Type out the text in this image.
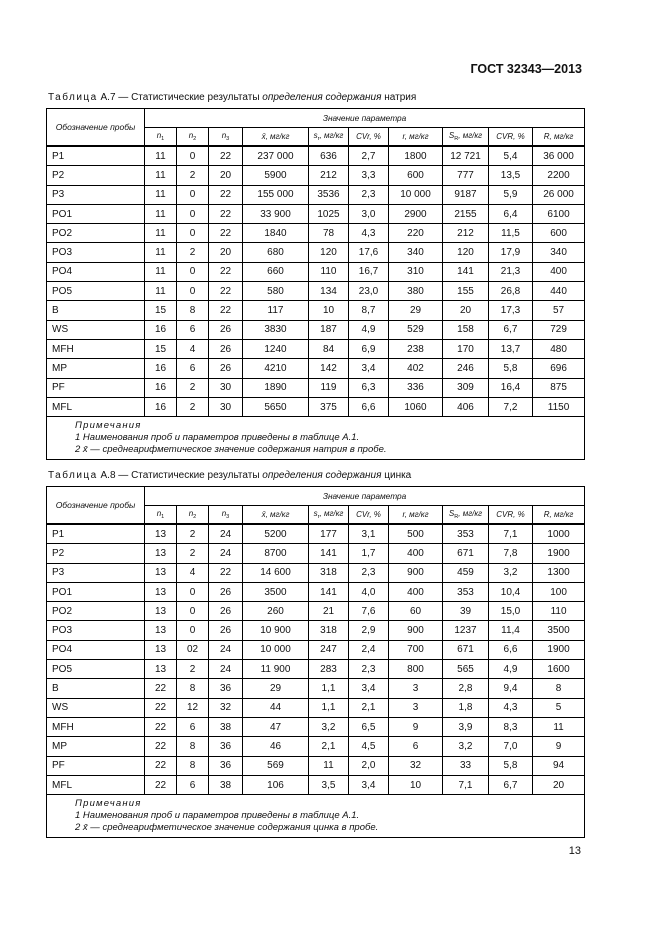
ГОСТ 32343—2013
Таблица А.7 — Статистические результаты определения содержания натрия
Обозначение пробы	Значение параметра									
	$n_1$	$n_2$	$n_3$	x̄, мг/кг	$s_r$, мг/кг	CVr, %	r, мг/кг	$S_R$, мг/кг	CVR, %	R, мг/кг
P1	11	0	22	237 000	636	2,7	1800	12 721	5,4	36 000
P2	11	2	20	5900	212	3,3	600	777	13,5	2200
P3	11	0	22	155 000	3536	2,3	10 000	9187	5,9	26 000
PO1	11	0	22	33 900	1025	3,0	2900	2155	6,4	6100
PO2	11	0	22	1840	78	4,3	220	212	11,5	600
PO3	11	2	20	680	120	17,6	340	120	17,9	340
PO4	11	0	22	660	110	16,7	310	141	21,3	400
PO5	11	0	22	580	134	23,0	380	155	26,8	440
B	15	8	22	117	10	8,7	29	20	17,3	57
WS	16	6	26	3830	187	4,9	529	158	6,7	729
MFH	15	4	26	1240	84	6,9	238	170	13,7	480
MP	16	6	26	4210	142	3,4	402	246	5,8	696
PF	16	2	30	1890	119	6,3	336	309	16,4	875
MFL	16	2	30	5650	375	6,6	1060	406	7,2	1150

Примечания
1 Наименования проб и параметров приведены в таблице А.1.
2 x̄ — среднеарифметическое значение содержания натрия в пробе.										
Таблица А.8 — Статистические результаты определения содержания цинка
Обозначение пробы	Значение параметра									
	$n_1$	$n_2$	$n_3$	x̄, мг/кг	$s_r$, мг/кг	CVr, %	r, мг/кг	$S_R$, мг/кг	CVR, %	R, мг/кг
P1	13	2	24	5200	177	3,1	500	353	7,1	1000
P2	13	2	24	8700	141	1,7	400	671	7,8	1900
P3	13	4	22	14 600	318	2,3	900	459	3,2	1300
PO1	13	0	26	3500	141	4,0	400	353	10,4	100
PO2	13	0	26	260	21	7,6	60	39	15,0	110
PO3	13	0	26	10 900	318	2,9	900	1237	11,4	3500
PO4	13	02	24	10 000	247	2,4	700	671	6,6	1900
PO5	13	2	24	11 900	283	2,3	800	565	4,9	1600
B	22	8	36	29	1,1	3,4	3	2,8	9,4	8
WS	22	12	32	44	1,1	2,1	3	1,8	4,3	5
MFH	22	6	38	47	3,2	6,5	9	3,9	8,3	11
MP	22	8	36	46	2,1	4,5	6	3,2	7,0	9
PF	22	8	36	569	11	2,0	32	33	5,8	94
MFL	22	6	38	106	3,5	3,4	10	7,1	6,7	20

Примечания
1 Наименования проб и параметров приведены в таблице А.1.
2 x̄ — среднеарифметическое значение содержания цинка в пробе.										
13
